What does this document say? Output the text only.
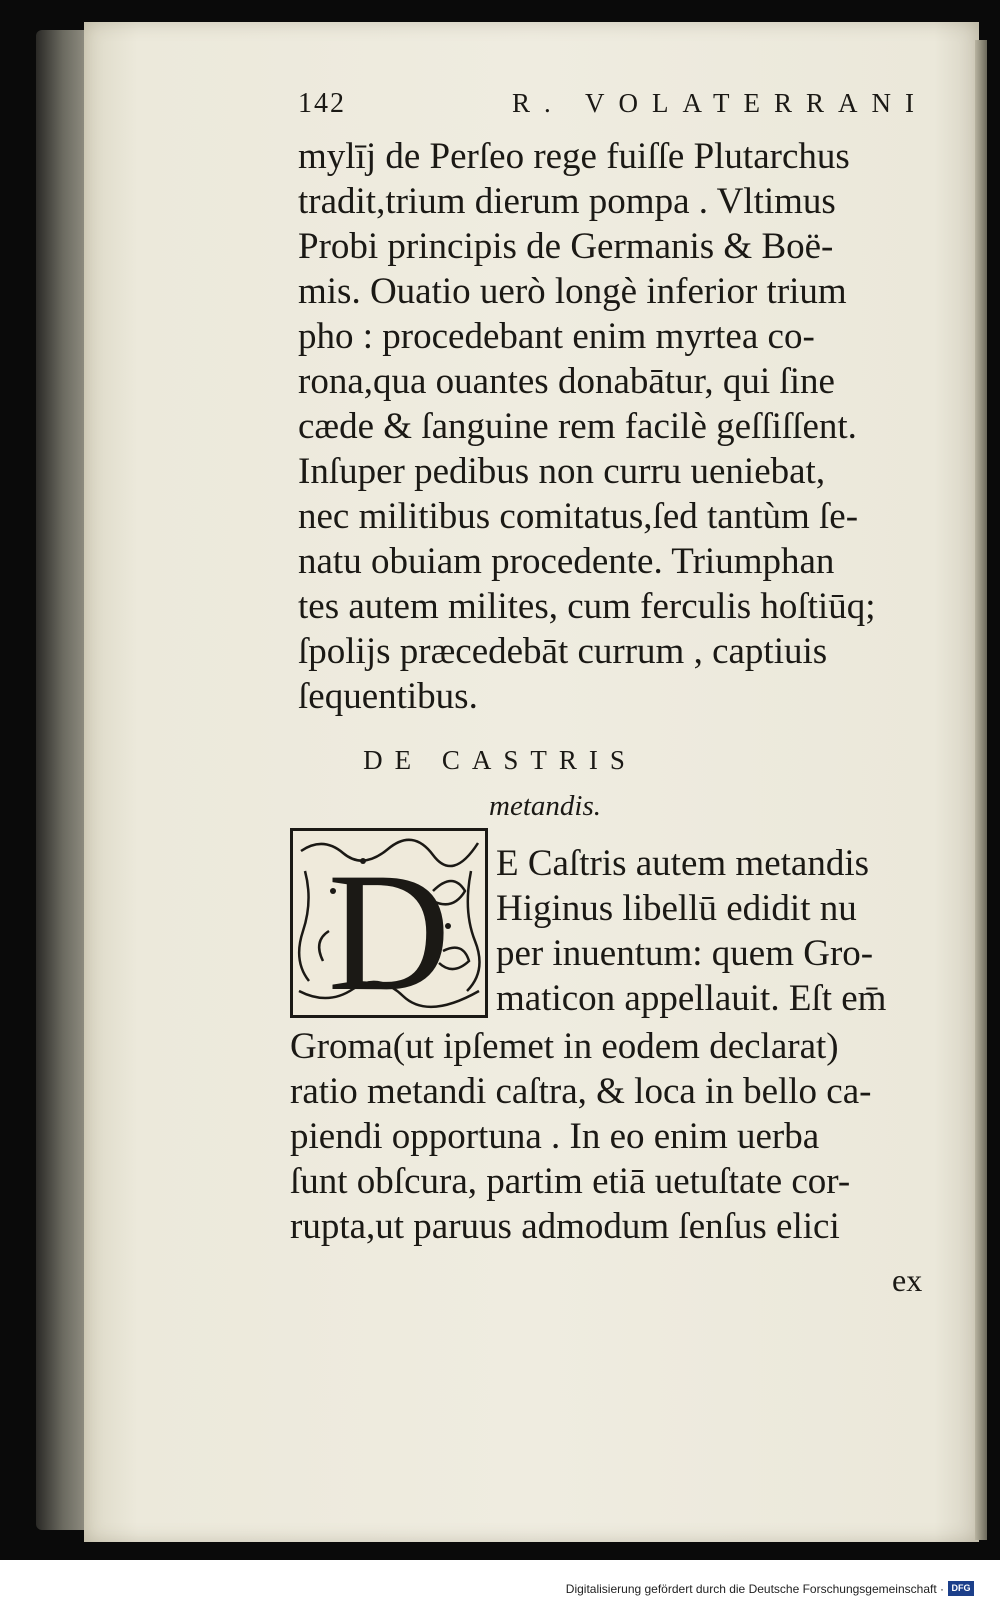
142	R. VOLATERRANI
mylīj de Perſeo rege fuiſſe Plutarchus
tradit,trium dierum pompa . Vltimus
Probi principis de Germanis & Boë-
mis. Ouatio uerò longè inferior trium
pho : procedebant enim myrtea co-
rona,qua ouantes donabātur, qui ſine
cæde & ſanguine rem facilè geſſiſſent.
Inſuper pedibus non curru ueniebat,
nec militibus comitatus,ſed tantùm ſe-
natu obuiam procedente. Triumphan
tes autem milites, cum ferculis hoſtiūq;
ſpolijs præcedebāt currum , captiuis
ſequentibus.
DE CASTRIS
metandis.
D E Caſtris autem metandis
Higinus libellū edidit nu
per inuentum: quem Gro-
maticon appellauit. Eſt em̄
Groma(ut ipſemet in eodem declarat)
ratio metandi caſtra, & loca in bello ca-
piendi opportuna . In eo enim uerba
ſunt obſcura, partim etiā uetuſtate cor-
rupta,ut paruus admodum ſenſus elici
ex
Digitalisierung gefördert durch die Deutsche Forschungsgemeinschaft · DFG
